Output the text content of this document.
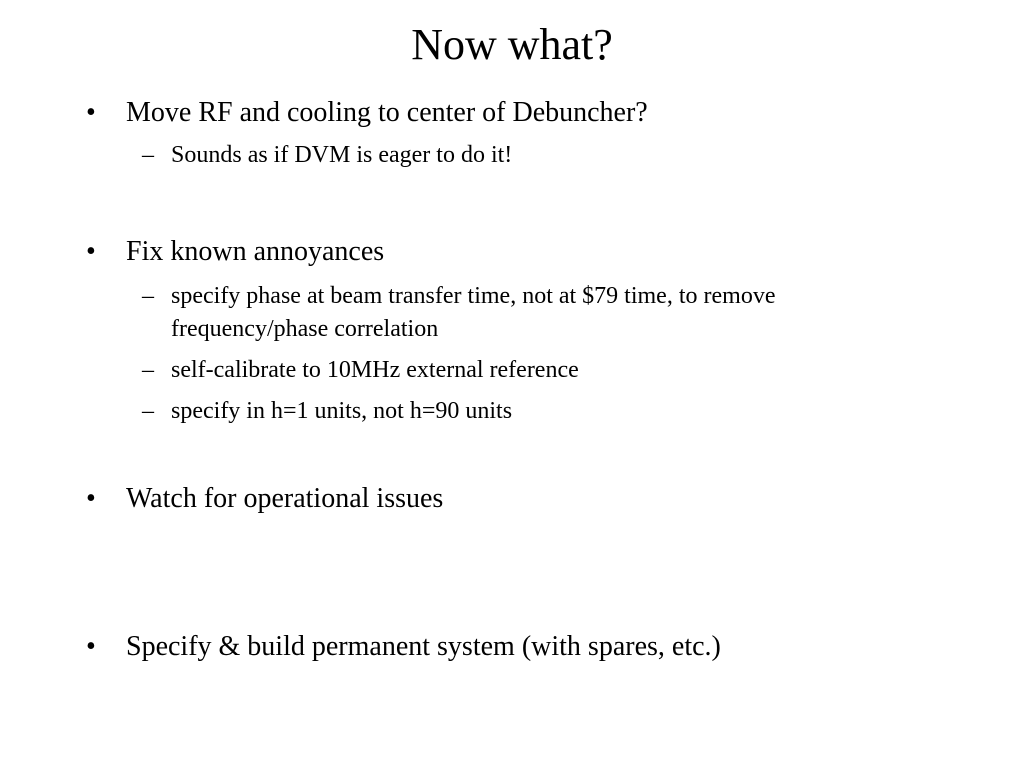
Now what?
• Move RF and cooling to center of Debuncher?
– Sounds as if DVM is eager to do it!
• Fix known annoyances
– specify phase at beam transfer time, not at $79 time, to remove frequency/phase correlation
– self-calibrate to 10MHz external reference
– specify in h=1 units, not h=90 units
• Watch for operational issues
• Specify & build permanent system (with spares, etc.)
